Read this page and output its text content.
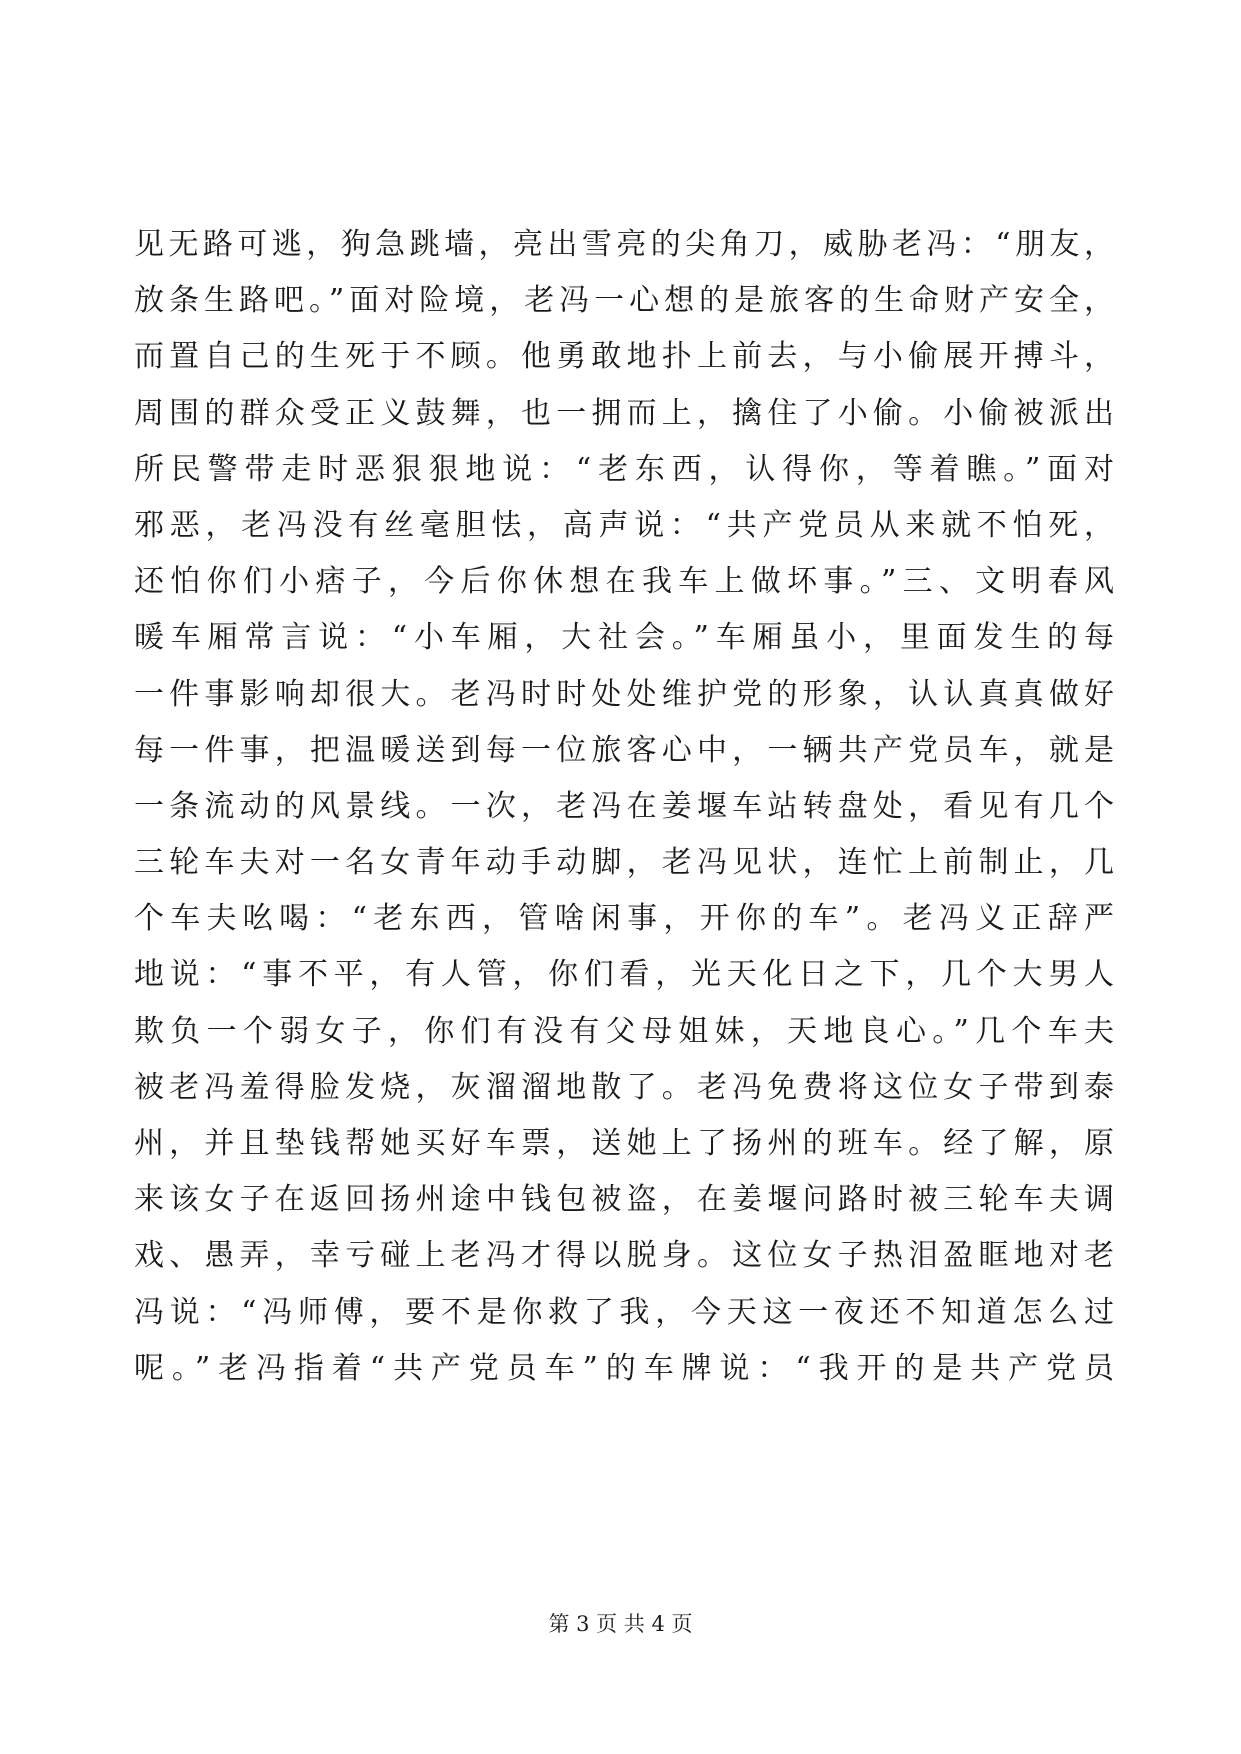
见无路可逃，狗急跳墙，亮出雪亮的尖角刀，威胁老冯：“朋友，
放条生路吧。”面对险境，老冯一心想的是旅客的生命财产安全，
而置自己的生死于不顾。他勇敢地扑上前去，与小偷展开搏斗，
周围的群众受正义鼓舞，也一拥而上，擒住了小偷。小偷被派出
所民警带走时恶狠狠地说：“老东西，认得你，等着瞧。”面对
邪恶，老冯没有丝毫胆怯，高声说：“共产党员从来就不怕死，
还怕你们小痞子，今后你休想在我车上做坏事。”三、文明春风
暖车厢常言说：“小车厢，大社会。”车厢虽小，里面发生的每
一件事影响却很大。老冯时时处处维护党的形象，认认真真做好
每一件事，把温暖送到每一位旅客心中，一辆共产党员车，就是
一条流动的风景线。一次，老冯在姜堰车站转盘处，看见有几个
三轮车夫对一名女青年动手动脚，老冯见状，连忙上前制止，几
个车夫吆喝：“老东西，管啥闲事，开你的车”。老冯义正辞严
地说：“事不平，有人管，你们看，光天化日之下，几个大男人
欺负一个弱女子，你们有没有父母姐妹，天地良心。”几个车夫
被老冯羞得脸发烧，灰溜溜地散了。老冯免费将这位女子带到泰
州，并且垫钱帮她买好车票，送她上了扬州的班车。经了解，原
来该女子在返回扬州途中钱包被盗，在姜堰问路时被三轮车夫调
戏、愚弄，幸亏碰上老冯才得以脱身。这位女子热泪盈眶地对老
冯说：“冯师傅，要不是你救了我，今天这一夜还不知道怎么过
呢。”老冯指着“共产党员车”的车牌说：“我开的是共产党员
第 3 页 共 4 页
